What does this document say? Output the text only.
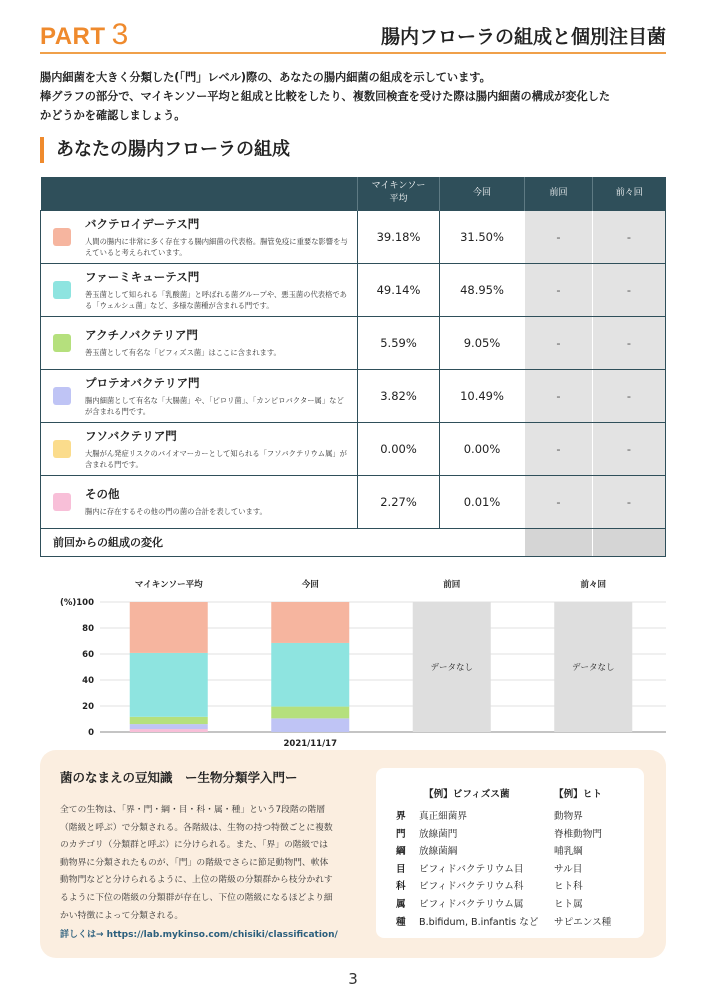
PART 3	腸内フローラの組成と個別注目菌
腸内細菌を大きく分類した(「門」レベル)際の、あなたの腸内細菌の組成を示しています。
棒グラフの部分で、マイキンソー平均と組成と比較をしたり、複数回検査を受けた際は腸内細菌の構成が変化した
かどうかを確認しましょう。
あなたの腸内フローラの組成
	マイキンソー
平均	今回	前回	前々回

バクテロイデーテス門
人間の腸内に非常に多く存在する腸内細菌の代表格。腸管免疫に重要な影響を与えていると考えられています。	39.18%	31.50%	-	-

ファーミキューテス門
善玉菌として知られる「乳酸菌」と呼ばれる菌グループや、悪玉菌の代表格である「ウェルシュ菌」など、多様な菌種が含まれる門です。	49.14%	48.95%	-	-

アクチノバクテリア門
善玉菌として有名な「ビフィズス菌」はここに含まれます。	5.59%	9.05%	-	-

プロテオバクテリア門
腸内細菌として有名な「大腸菌」や、「ピロリ菌」、「カンピロバクター属」などが含まれる門です。	3.82%	10.49%	-	-

フソバクテリア門
大腸がん発症リスクのバイオマーカーとして知られる「フソバクテリウム属」が含まれる門です。	0.00%	0.00%	-	-

その他
腸内に存在するその他の門の菌の合計を表しています。	2.27%	0.01%	-	-
前回からの組成の変化				
0
20
40
60
80
100
(%)
マイキンソー平均	今回
2021/11/17
前回
データなし
前々回
データなし
菌のなまえの豆知識　ー生物分類学入門ー
全ての生物は、「界・門・綱・目・科・属・種」という7段階の階層
（階級と呼ぶ）で分類される。各階級は、生物の持つ特徴ごとに複数
のカテゴリ（分類群と呼ぶ）に分けられる。また、「界」の階級では
動物界に分類されたものが、「門」の階級でさらに節足動物門、軟体
動物門などと分けられるように、上位の階級の分類群から枝分かれす
るように下位の階級の分類群が存在し、下位の階級になるほどより細
かい特徴によって分類される。
詳しくは→ https://lab.mykinso.com/chisiki/classification/
【例】ビフィズス菌	【例】ヒト
界 真正細菌界	動物界
門 放線菌門	脊椎動物門
綱 放線菌綱	哺乳綱
目 ビフィドバクテリウム目	サル目
科 ビフィドバクテリウム科	ヒト科
属 ビフィドバクテリウム属	ヒト属
種 B.bifidum, B.infantis など サピエンス種
3
